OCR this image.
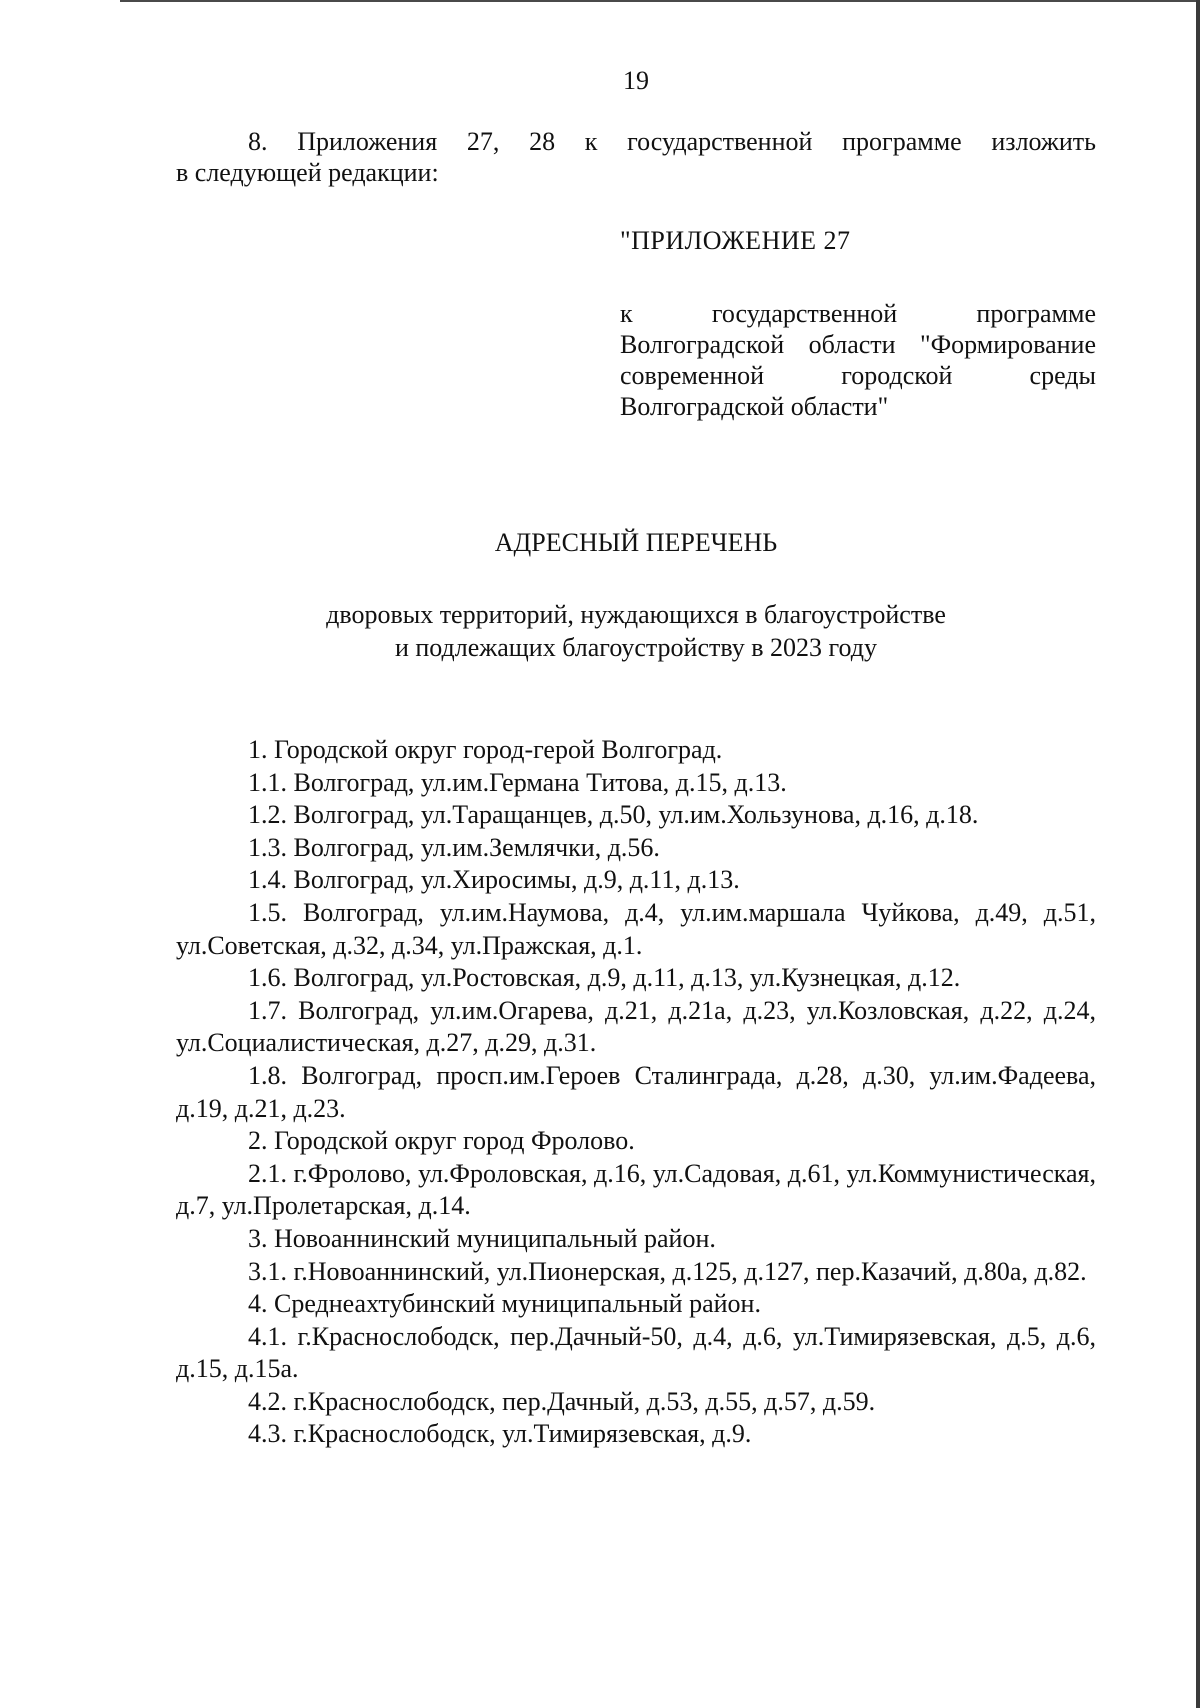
19
8. Приложения 27, 28 к государственной программе изложить
в следующей редакции:
"ПРИЛОЖЕНИЕ 27
к государственной программе
Волгоградской области "Формирование
современной городской среды
Волгоградской области"
АДРЕСНЫЙ ПЕРЕЧЕНЬ
дворовых территорий, нуждающихся в благоустройстве
и подлежащих благоустройству в 2023 году

1. Городской округ город-герой Волгоград.

1.1. Волгоград, ул.им.Германа Титова, д.15, д.13.

1.2. Волгоград, ул.Таращанцев, д.50, ул.им.Хользунова, д.16, д.18.

1.3. Волгоград, ул.им.Землячки, д.56.

1.4. Волгоград, ул.Хиросимы, д.9, д.11, д.13.

1.5. Волгоград, ул.им.Наумова, д.4, ул.им.маршала Чуйкова, д.49, д.51, ул.Советская, д.32, д.34, ул.Пражская, д.1.

1.6. Волгоград, ул.Ростовская, д.9, д.11, д.13, ул.Кузнецкая, д.12.

1.7. Волгоград, ул.им.Огарева, д.21, д.21а, д.23, ул.Козловская, д.22, д.24, ул.Социалистическая, д.27, д.29, д.31.

1.8. Волгоград, просп.им.Героев Сталинграда, д.28, д.30, ул.им.Фадеева, д.19, д.21, д.23.

2. Городской округ город Фролово.

2.1. г.Фролово, ул.Фроловская, д.16, ул.Садовая, д.61, ул.Коммунистическая, д.7, ул.Пролетарская, д.14.

3. Новоаннинский муниципальный район.

3.1. г.Новоаннинский, ул.Пионерская, д.125, д.127, пер.Казачий, д.80а, д.82.

4. Среднеахтубинский муниципальный район.

4.1. г.Краснослободск, пер.Дачный-50, д.4, д.6, ул.Тимирязевская, д.5, д.6, д.15, д.15а.

4.2. г.Краснослободск, пер.Дачный, д.53, д.55, д.57, д.59.

4.3. г.Краснослободск, ул.Тимирязевская, д.9.
